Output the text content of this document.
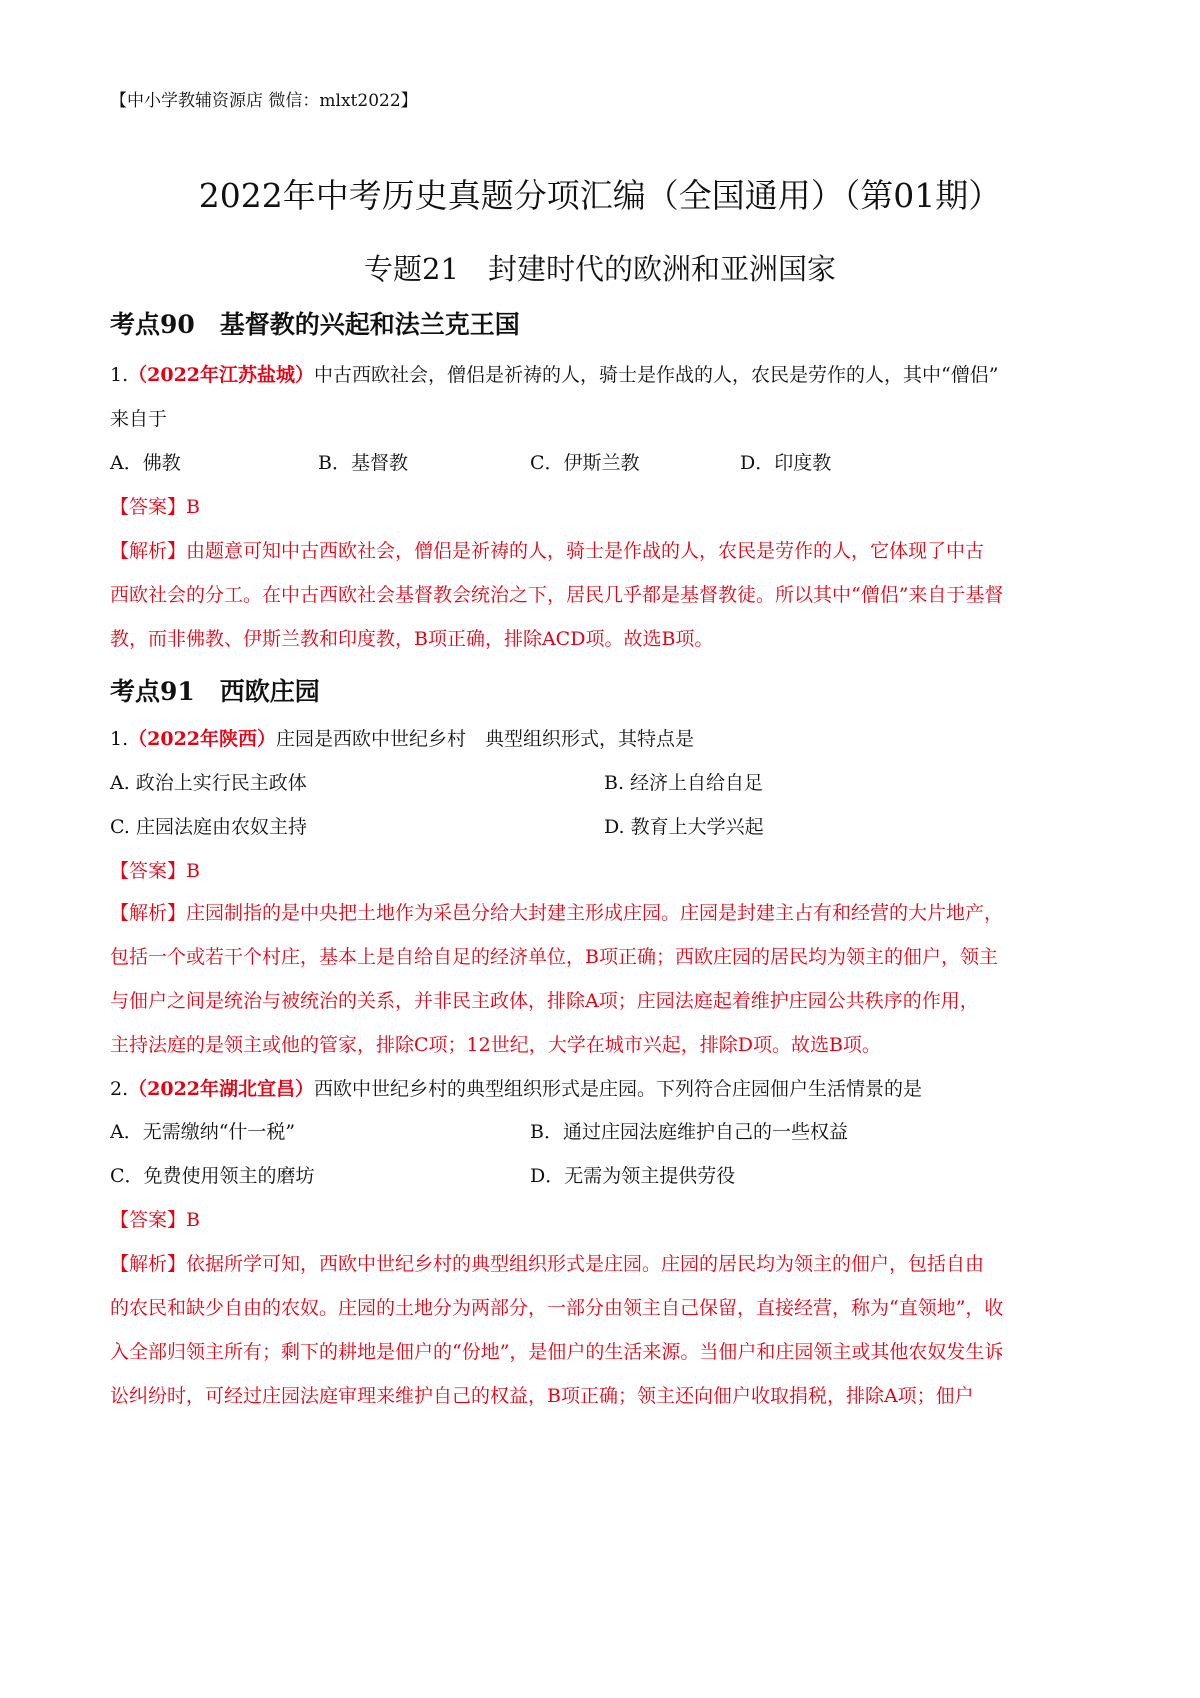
【中小学教辅资源店 微信：mlxt2022】
2022年中考历史真题分项汇编（全国通用）（第01期）
专题21　封建时代的欧洲和亚洲国家
考点90　基督教的兴起和法兰克王国
1.（2022年江苏盐城）中古西欧社会，僧侣是祈祷的人，骑士是作战的人，农民是劳作的人，其中“僧侣”
来自于
A．佛教	B．基督教	C．伊斯兰教	D．印度教
【答案】B
【解析】由题意可知中古西欧社会，僧侣是祈祷的人，骑士是作战的人，农民是劳作的人，它体现了中古
西欧社会的分工。在中古西欧社会基督教会统治之下，居民几乎都是基督教徒。所以其中“僧侣”来自于基督
教，而非佛教、伊斯兰教和印度教，B项正确，排除ACD项。故选B项。
考点91　西欧庄园
1.（2022年陕西）庄园是西欧中世纪乡村　典型组织形式，其特点是
A. 政治上实行民主政体	B. 经济上自给自足
C. 庄园法庭由农奴主持	D. 教育上大学兴起
【答案】B
【解析】庄园制指的是中央把土地作为采邑分给大封建主形成庄园。庄园是封建主占有和经营的大片地产，
包括一个或若干个村庄，基本上是自给自足的经济单位，B项正确；西欧庄园的居民均为领主的佃户，领主
与佃户之间是统治与被统治的关系，并非民主政体，排除A项；庄园法庭起着维护庄园公共秩序的作用，
主持法庭的是领主或他的管家，排除C项；12世纪，大学在城市兴起，排除D项。故选B项。
2.（2022年湖北宜昌）西欧中世纪乡村的典型组织形式是庄园。下列符合庄园佃户生活情景的是
A．无需缴纳“什一税”	B．通过庄园法庭维护自己的一些权益
C．免费使用领主的磨坊	D．无需为领主提供劳役
【答案】B
【解析】依据所学可知，西欧中世纪乡村的典型组织形式是庄园。庄园的居民均为领主的佃户，包括自由
的农民和缺少自由的农奴。庄园的土地分为两部分，一部分由领主自己保留，直接经营，称为“直领地”，收
入全部归领主所有；剩下的耕地是佃户的“份地”，是佃户的生活来源。当佃户和庄园领主或其他农奴发生诉
讼纠纷时，可经过庄园法庭审理来维护自己的权益，B项正确；领主还向佃户收取捐税，排除A项；佃户
